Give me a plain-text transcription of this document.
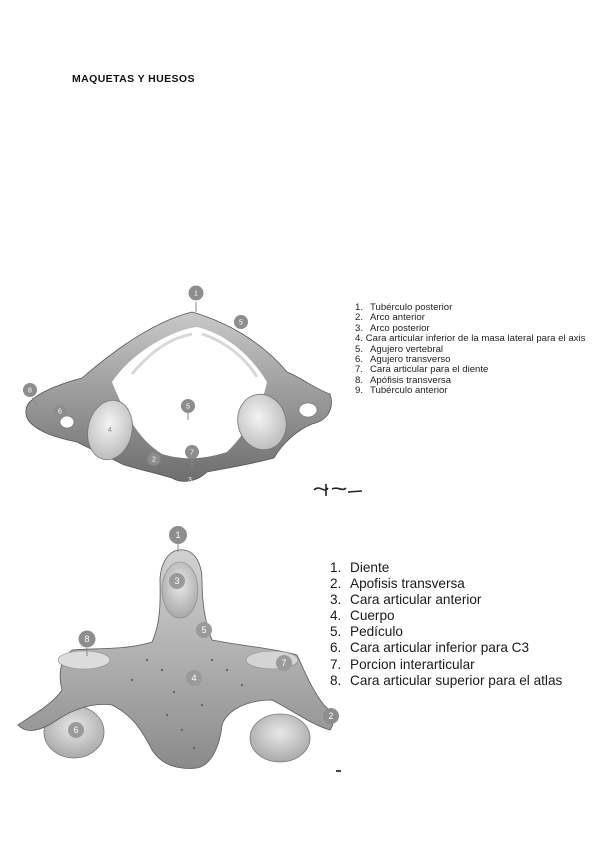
MAQUETAS Y HUESOS
1
5
8
6
4
5
7
2
3
1. Tubérculo posterior
2. Arco anterior
3. Arco posterior
4. Cara articular inferior de la masa lateral para el axis
5. Agujero vertebral
6. Agujero transverso
7. Cara articular para el diente
8. Apófisis transversa
9. Tubérculo anterior
1
3
8
5
7
4
6
2
1. Diente
2. Apofisis transversa
3. Cara articular anterior
4. Cuerpo
5. Pedículo
6. Cara articular inferior para C3
7. Porcion interarticular
8. Cara articular superior para el atlas
